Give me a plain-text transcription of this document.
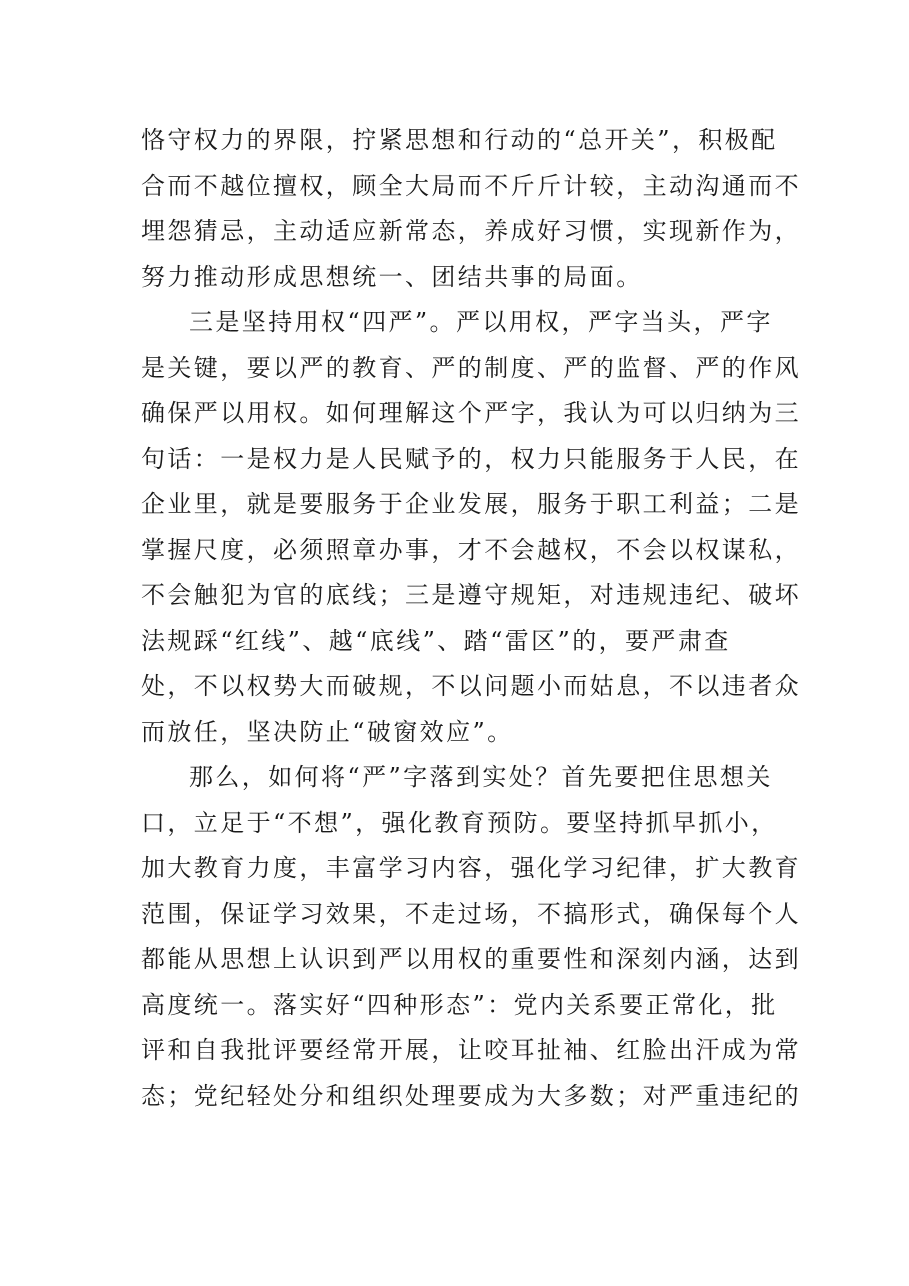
恪守权力的界限，拧紧思想和行动的“总开关”，积极配
合而不越位擅权，顾全大局而不斤斤计较，主动沟通而不
埋怨猜忌，主动适应新常态，养成好习惯，实现新作为，
努力推动形成思想统一、团结共事的局面。
三是坚持用权“四严”。严以用权，严字当头，严字
是关键，要以严的教育、严的制度、严的监督、严的作风
确保严以用权。如何理解这个严字，我认为可以归纳为三
句话：一是权力是人民赋予的，权力只能服务于人民，在
企业里，就是要服务于企业发展，服务于职工利益；二是
掌握尺度，必须照章办事，才不会越权，不会以权谋私，
不会触犯为官的底线；三是遵守规矩，对违规违纪、破坏
法规踩“红线”、越“底线”、踏“雷区”的，要严肃查
处，不以权势大而破规，不以问题小而姑息，不以违者众
而放任，坚决防止“破窗效应”。
那么，如何将“严”字落到实处？首先要把住思想关
口，立足于“不想”，强化教育预防。要坚持抓早抓小，
加大教育力度，丰富学习内容，强化学习纪律，扩大教育
范围，保证学习效果，不走过场，不搞形式，确保每个人
都能从思想上认识到严以用权的重要性和深刻内涵，达到
高度统一。落实好“四种形态”：党内关系要正常化，批
评和自我批评要经常开展，让咬耳扯袖、红脸出汗成为常
态；党纪轻处分和组织处理要成为大多数；对严重违纪的
